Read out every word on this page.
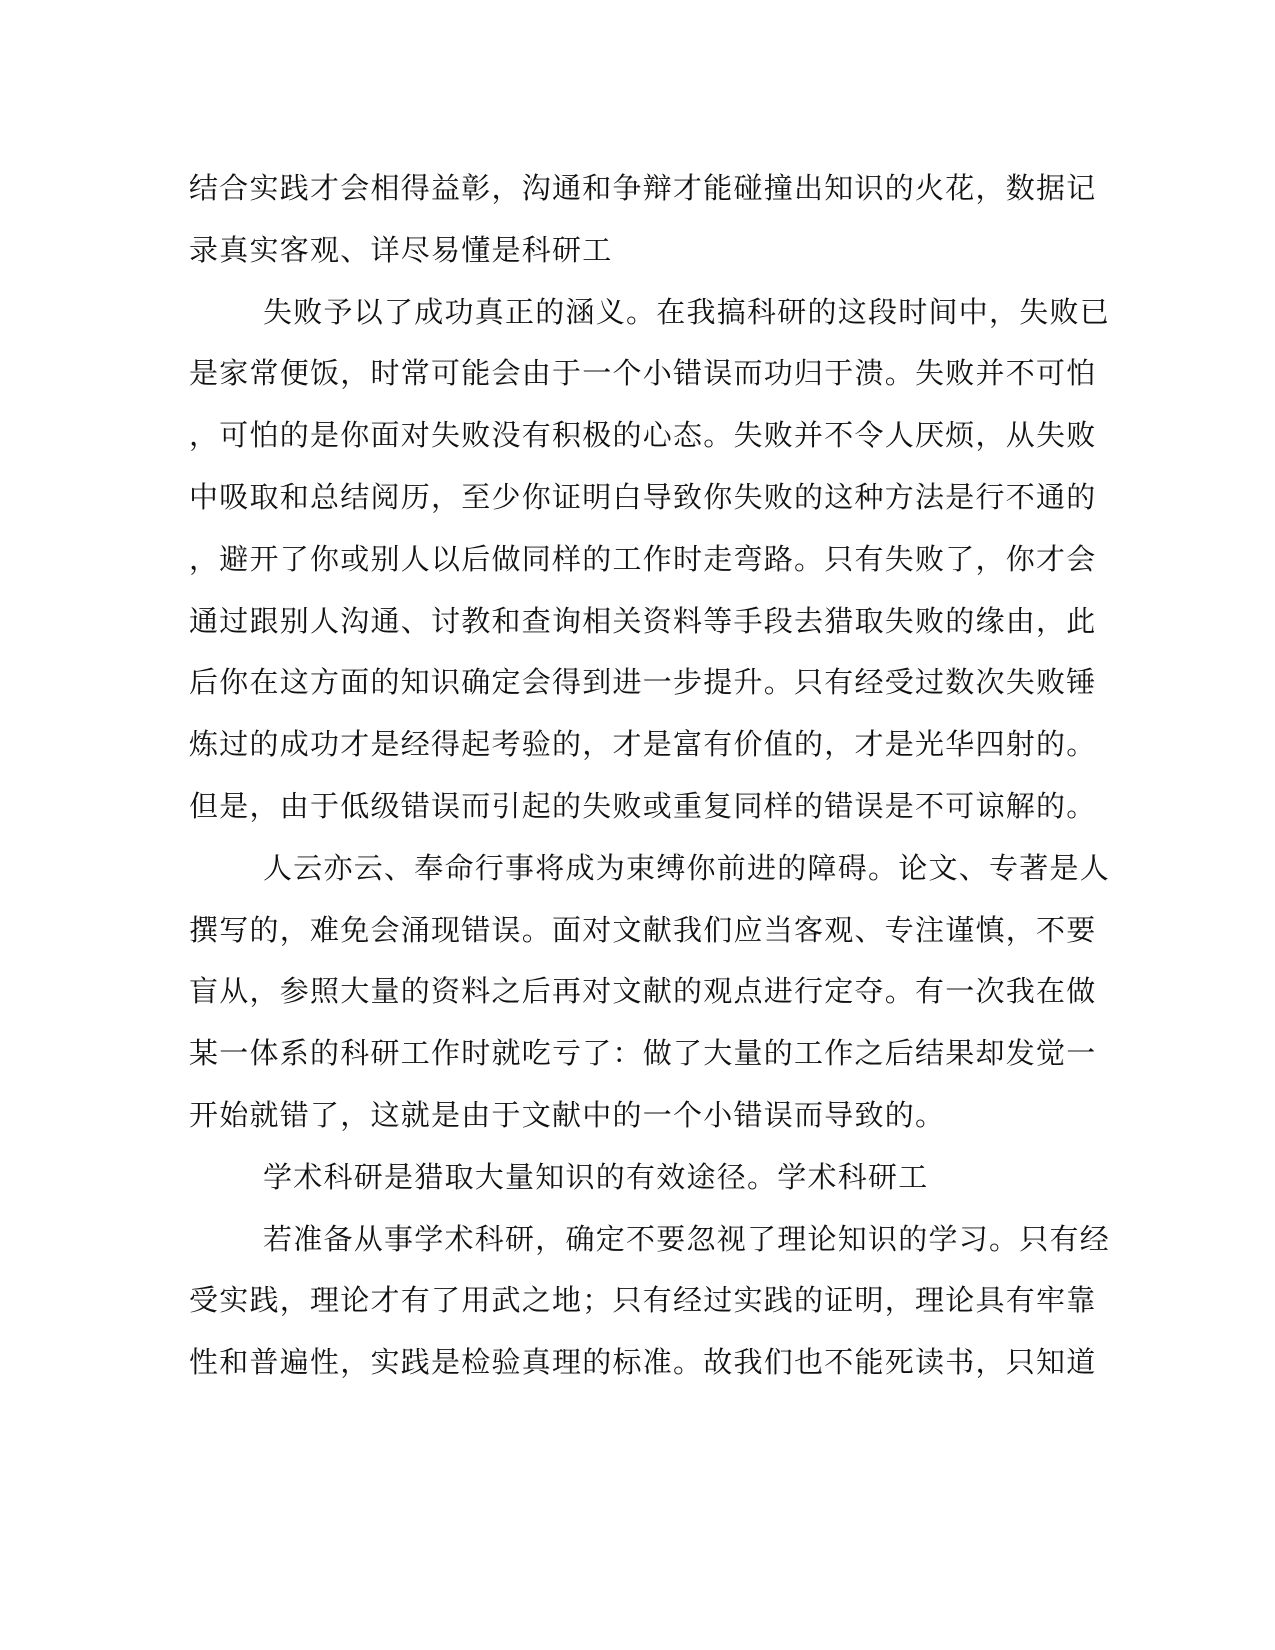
结合实践才会相得益彰，沟通和争辩才能碰撞出知识的火花，数据记
录真实客观、详尽易懂是科研工
失败予以了成功真正的涵义。在我搞科研的这段时间中，失败已
是家常便饭，时常可能会由于一个小错误而功归于溃。失败并不可怕
，可怕的是你面对失败没有积极的心态。失败并不令人厌烦，从失败
中吸取和总结阅历，至少你证明白导致你失败的这种方法是行不通的
，避开了你或别人以后做同样的工作时走弯路。只有失败了，你才会
通过跟别人沟通、讨教和查询相关资料等手段去猎取失败的缘由，此
后你在这方面的知识确定会得到进一步提升。只有经受过数次失败锤
炼过的成功才是经得起考验的，才是富有价值的，才是光华四射的。
但是，由于低级错误而引起的失败或重复同样的错误是不可谅解的。
人云亦云、奉命行事将成为束缚你前进的障碍。论文、专著是人
撰写的，难免会涌现错误。面对文献我们应当客观、专注谨慎，不要
盲从，参照大量的资料之后再对文献的观点进行定夺。有一次我在做
某一体系的科研工作时就吃亏了：做了大量的工作之后结果却发觉一
开始就错了，这就是由于文献中的一个小错误而导致的。
学术科研是猎取大量知识的有效途径。学术科研工
若准备从事学术科研，确定不要忽视了理论知识的学习。只有经
受实践，理论才有了用武之地；只有经过实践的证明，理论具有牢靠
性和普遍性，实践是检验真理的标准。故我们也不能死读书，只知道
